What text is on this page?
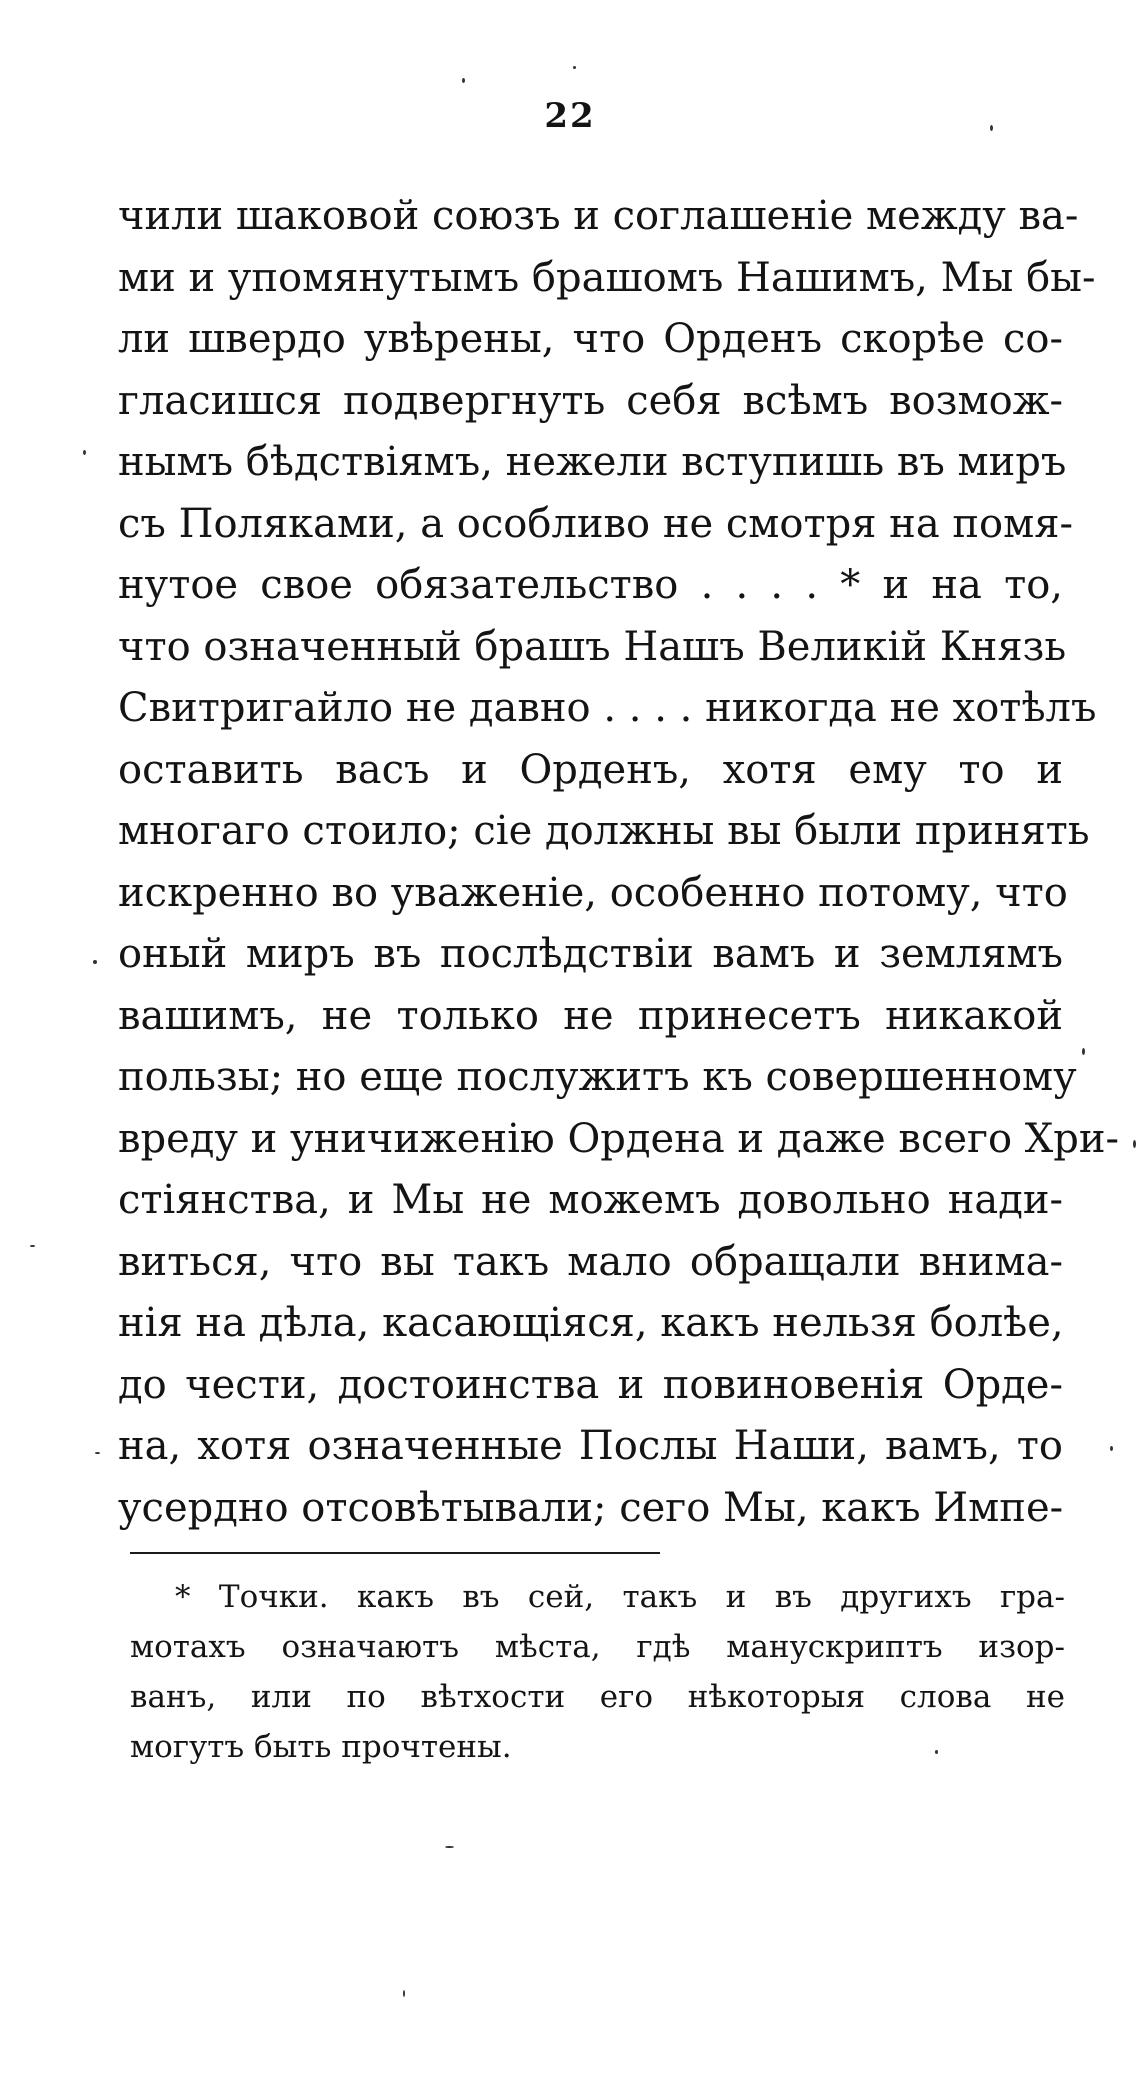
22
чили шаковой союзъ и соглашеніе между ва-
ми и упомянутымъ брашомъ Нашимъ, Мы бы-
ли швердо увѣрены, что Орденъ скорѣе со-
гласишся подвергнуть себя всѣмъ возмож-
нымъ бѣдствіямъ, нежели вступишь въ миръ
съ Поляками, а особливо не смотря на помя-
нутое свое обязательство . . . . * и на то,
что означенный брашъ Нашъ Великій Князь
Свитригайло не давно . . . . никогда не хотѣлъ
оставить васъ и Орденъ, хотя ему то и
многаго стоило; сіе должны вы были принять
искренно во уваженіе, особенно потому, что
оный миръ въ послѣдствіи вамъ и землямъ
вашимъ, не только не принесетъ никакой
пользы; но еще послужитъ къ совершенному
вреду и уничиженію Ордена и даже всего Хри-
стіянства, и Мы не можемъ довольно нади-
виться, что вы такъ мало обращали внима-
нія на дѣла, касающіяся, какъ нельзя болѣе,
до чести, достоинства и повиновенія Орде-
на, хотя означенные Послы Наши, вамъ, то
усердно отсовѣтывали; сего Мы, какъ Импе-
* Точки. какъ въ сей, такъ и въ другихъ гра-
мотахъ означаютъ мѣста, гдѣ манускриптъ изор-
ванъ, или по вѣтхости его нѣкоторыя слова не
могутъ быть прочтены.
